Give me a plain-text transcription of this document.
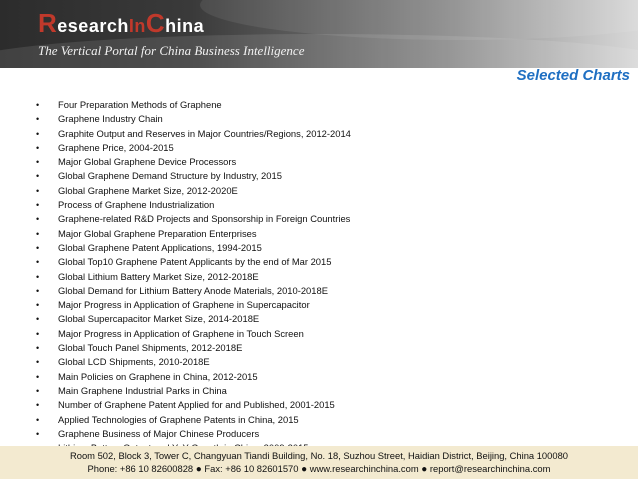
R esearch In C hina
The Vertical Portal for China Business Intelligence
Selected Charts
• Four Preparation Methods of Graphene
• Graphene Industry Chain
• Graphite Output and Reserves in Major Countries/Regions, 2012-2014
• Graphene Price, 2004-2015
• Major Global Graphene Device Processors
• Global Graphene Demand Structure by Industry, 2015
• Global Graphene Market Size, 2012-2020E
• Process of Graphene Industrialization
• Graphene-related R&D Projects and Sponsorship in Foreign Countries
• Major Global Graphene Preparation Enterprises
• Global Graphene Patent Applications, 1994-2015
• Global Top10 Graphene Patent Applicants by the end of Mar 2015
• Global Lithium Battery Market Size, 2012-2018E
• Global Demand for Lithium Battery Anode Materials, 2010-2018E
• Major Progress in Application of Graphene in Supercapacitor
• Global Supercapacitor Market Size, 2014-2018E
• Major Progress in Application of Graphene in Touch Screen
• Global Touch Panel Shipments, 2012-2018E
• Global LCD Shipments, 2010-2018E
• Main Policies on Graphene in China, 2012-2015
• Main Graphene Industrial Parks in China
• Number of Graphene Patent Applied for and Published, 2001-2015
• Applied Technologies of Graphene Patents in China, 2015
• Graphene Business of Major Chinese Producers
Room 502, Block 3, Tower C, Changyuan Tiandi Building, No. 18, Suzhou Street, Haidian District, Beijing, China 100080
Phone: +86 10 82600828 ● Fax: +86 10 82601570 ● www.researchinchina.com ● report@researchinchina.com
